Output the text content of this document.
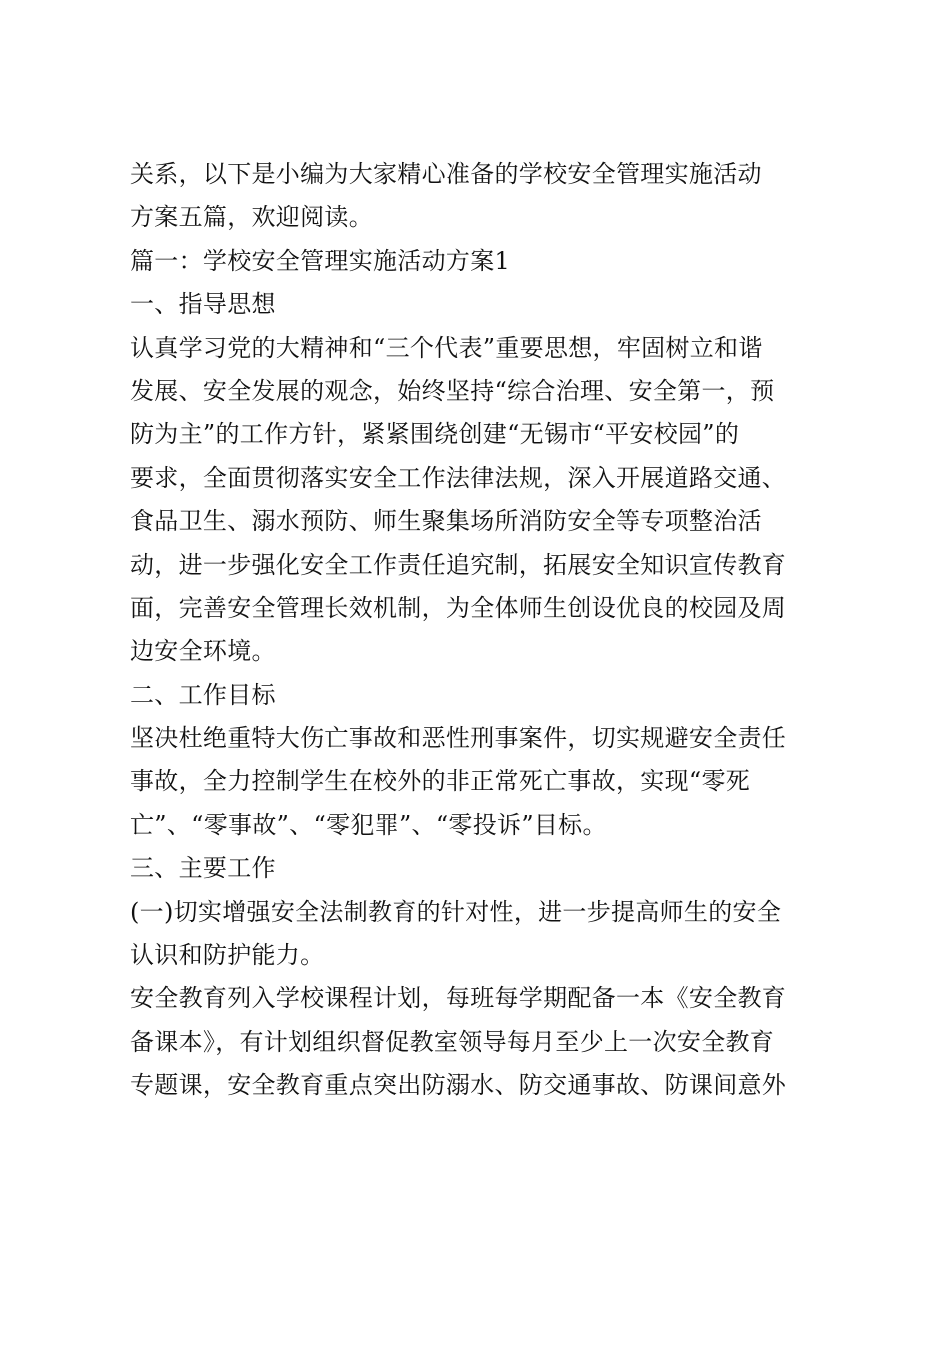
关系，以下是小编为大家精心准备的学校安全管理实施活动
方案五篇，欢迎阅读。
篇一：学校安全管理实施活动方案1
一、指导思想
认真学习党的大精神和“三个代表”重要思想，牢固树立和谐
发展、安全发展的观念，始终坚持“综合治理、安全第一，预
防为主”的工作方针，紧紧围绕创建“无锡市“平安校园”的
要求，全面贯彻落实安全工作法律法规，深入开展道路交通、
食品卫生、溺水预防、师生聚集场所消防安全等专项整治活
动，进一步强化安全工作责任追究制，拓展安全知识宣传教育
面，完善安全管理长效机制，为全体师生创设优良的校园及周
边安全环境。
二、工作目标
坚决杜绝重特大伤亡事故和恶性刑事案件，切实规避安全责任
事故，全力控制学生在校外的非正常死亡事故，实现“零死
亡”、“零事故”、“零犯罪”、“零投诉”目标。
三、主要工作
(一)切实增强安全法制教育的针对性，进一步提高师生的安全
认识和防护能力。
安全教育列入学校课程计划，每班每学期配备一本《安全教育
备课本》，有计划组织督促教室领导每月至少上一次安全教育
专题课，安全教育重点突出防溺水、防交通事故、防课间意外
